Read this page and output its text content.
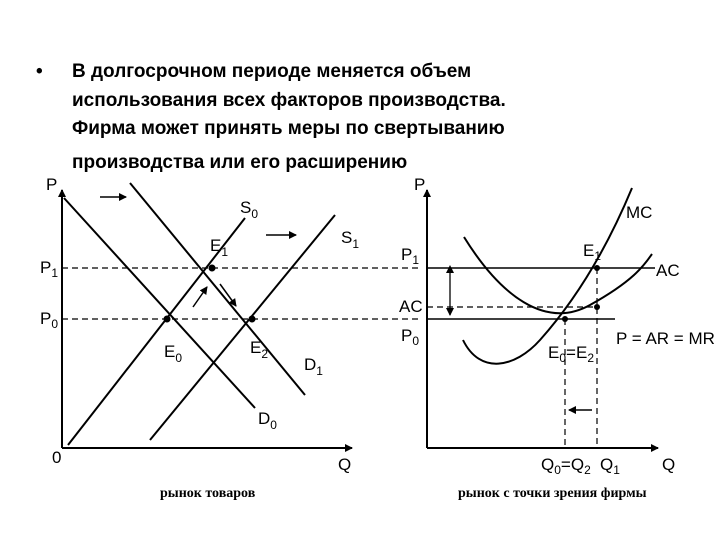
• В долгосрочном периоде меняется объем
использования всех факторов производства.
Фирма может принять меры по свертыванию
производства или его расширению
P
Q
0
$P_1$
$P_0$
$S_0$
$S_1$
$D_1$
$D_0$
$E_1$
$E_0$
$E_2$
рынок товаров
P
Q
$P_1$
AC
$P_0$
MC
AC
P = AR = MR
$E_1$
$E_0=E_2$
$Q_0=Q_2$ $Q_1$
рынок с точки зрения фирмы
